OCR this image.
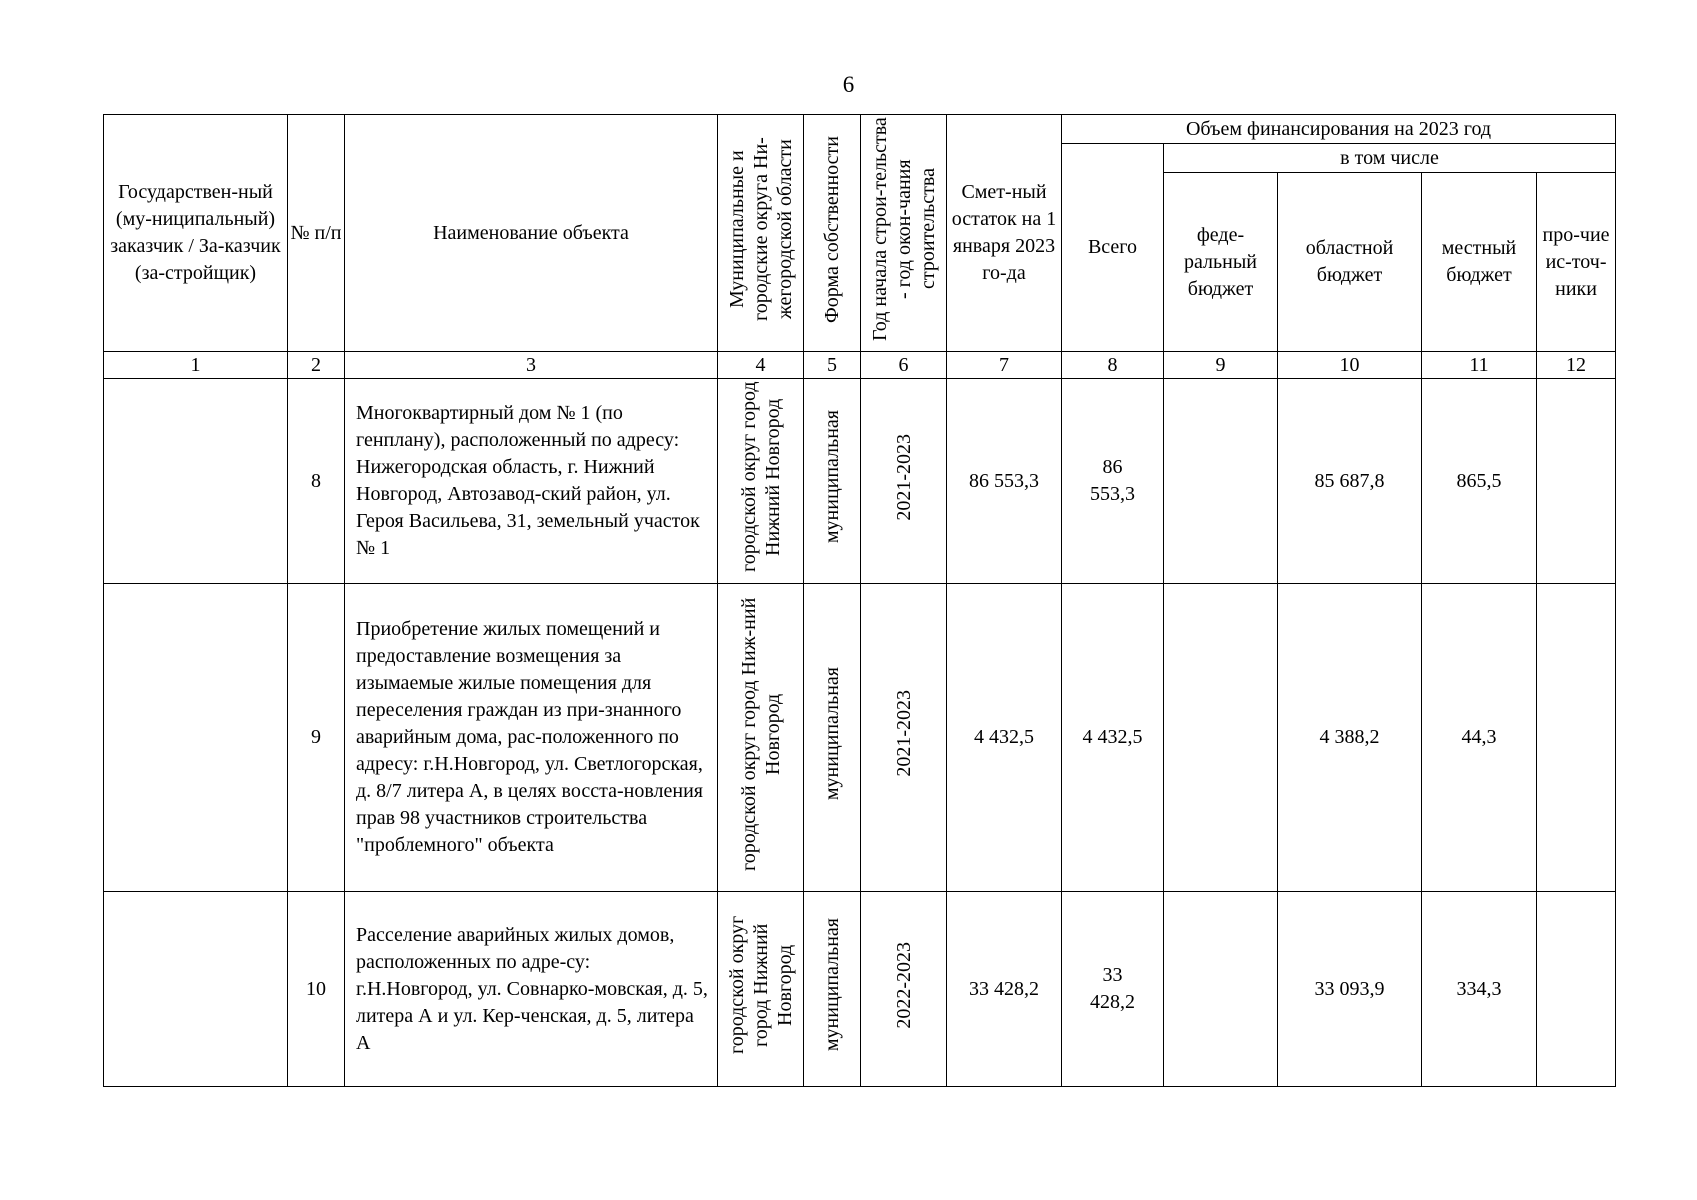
6
Государствен-ный (му-ниципальный) заказчик / За-казчик (за-стройщик)	№ п/п	Наименование объекта	Муниципальные и городские округа Ни-жегородской области	Форма собственности	Год начала строи-тельства - год окон-чания строительства	Смет-ный остаток на 1 января 2023 го-да	Объем финансирования на 2023 год				
							Всего	в том числе			
								феде-ральный бюджет	областной бюджет	местный бюджет	про-чие ис-точ-ники
1	2	3	4	5	6	7	8	9	10	11	12
	8	Многоквартирный дом № 1 (по генплану), расположенный по адресу: Нижегородская область, г. Нижний Новгород, Автозавод-ский район, ул. Героя Васильева, 31, земельный участок № 1	городской округ город Нижний Новгород	муниципальная	2021-2023	86 553,3	86 553,3		85 687,8	865,5	
	9	Приобретение жилых помещений и предоставление возмещения за изымаемые жилые помещения для переселения граждан из при-знанного аварийным дома, рас-положенного по адресу: г.Н.Новгород, ул. Светлогорская, д. 8/7 литера А, в целях восста-новления прав 98 участников строительства "проблемного" объекта	городской округ город Ниж-ний Новгород	муниципальная	2021-2023	4 432,5	4 432,5		4 388,2	44,3	
	10	Расселение аварийных жилых домов, расположенных по адре-су: г.Н.Новгород, ул. Совнарко-мовская, д. 5, литера А и ул. Кер-ченская, д. 5, литера А	городской округ город Нижний Новгород	муниципальная	2022-2023	33 428,2	33 428,2		33 093,9	334,3	
